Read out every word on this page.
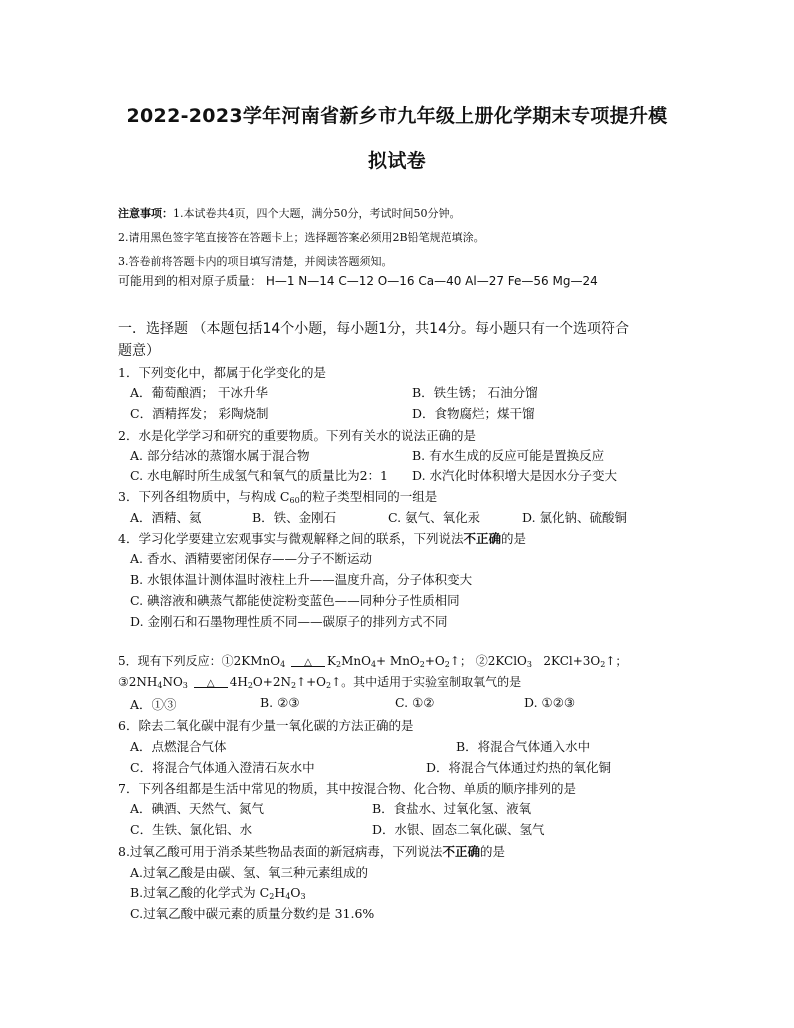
2022-2023学年河南省新乡市九年级上册化学期末专项提升模
拟试卷
注意事项：1.本试卷共4页，四个大题，满分50分，考试时间50分钟。
2.请用黑色签字笔直接答在答题卡上；选择题答案必须用2B铅笔规范填涂。
3.答卷前将答题卡内的项目填写清楚，并阅读答题须知。
可能用到的相对原子质量： H—1 N—14 C—12 O—16 Ca—40 Al—27 Fe—56 Mg—24
一．选择题 （本题包括14个小题，每小题1分，共14分。每小题只有一个选项符合
题意）
1．下列变化中，都属于化学变化的是
A．葡萄酿酒； 干冰升华	B．铁生锈； 石油分馏
C．酒精挥发； 彩陶烧制	D．食物腐烂；煤干馏
2．水是化学学习和研究的重要物质。下列有关水的说法正确的是
A. 部分结冰的蒸馏水属于混合物	B. 有水生成的反应可能是置换反应
C. 水电解时所生成氢气和氧气的质量比为2：1 D. 水汽化时体积增大是因水分子变大
3．下列各组物质中，与构成 $C_{60}$的粒子类型相同的一组是
A．酒精、氦	B．铁、金刚石	C. 氨气、氧化汞	D. 氯化钠、硫酸铜
4．学习化学要建立宏观事实与微观解释之间的联系，下列说法不正确的是
A. 香水、酒精要密闭保存——分子不断运动
B. 水银体温计测体温时液柱上升——温度升高，分子体积变大
C. 碘溶液和碘蒸气都能使淀粉变蓝色——同种分子性质相同
D. 金刚石和石墨物理性质不同——碳原子的排列方式不同
5．现有下列反应：①2KMnO$_4$ △ $K_2MnO_4+$ $MnO_2+O_2↑$； ②2KClO$_3$   $2KCl+3O_2↑$；
$③2NH_4NO_3$ △ $4H_2O+2N_2↑+O_2↑$。其中适用于实验室制取氧气的是
A．①③	B. ②③	C. ①②	D. ①②③
6．除去二氧化碳中混有少量一氧化碳的方法正确的是
A．点燃混合气体	B．将混合气体通入水中
C．将混合气体通入澄清石灰水中	D．将混合气体通过灼热的氧化铜
7．下列各组都是生活中常见的物质，其中按混合物、化合物、单质的顺序排列的是
A．碘酒、天然气、氮气	B．食盐水、过氧化氢、液氧
C．生铁、氯化铝、水	D．水银、固态二氧化碳、氢气
8.过氧乙酸可用于消杀某些物品表面的新冠病毒，下列说法不正确的是
A.过氧乙酸是由碳、氢、氧三种元素组成的
B.过氧乙酸的化学式为 $C_2H_4O_3$
C.过氧乙酸中碳元素的质量分数约是 31.6%
